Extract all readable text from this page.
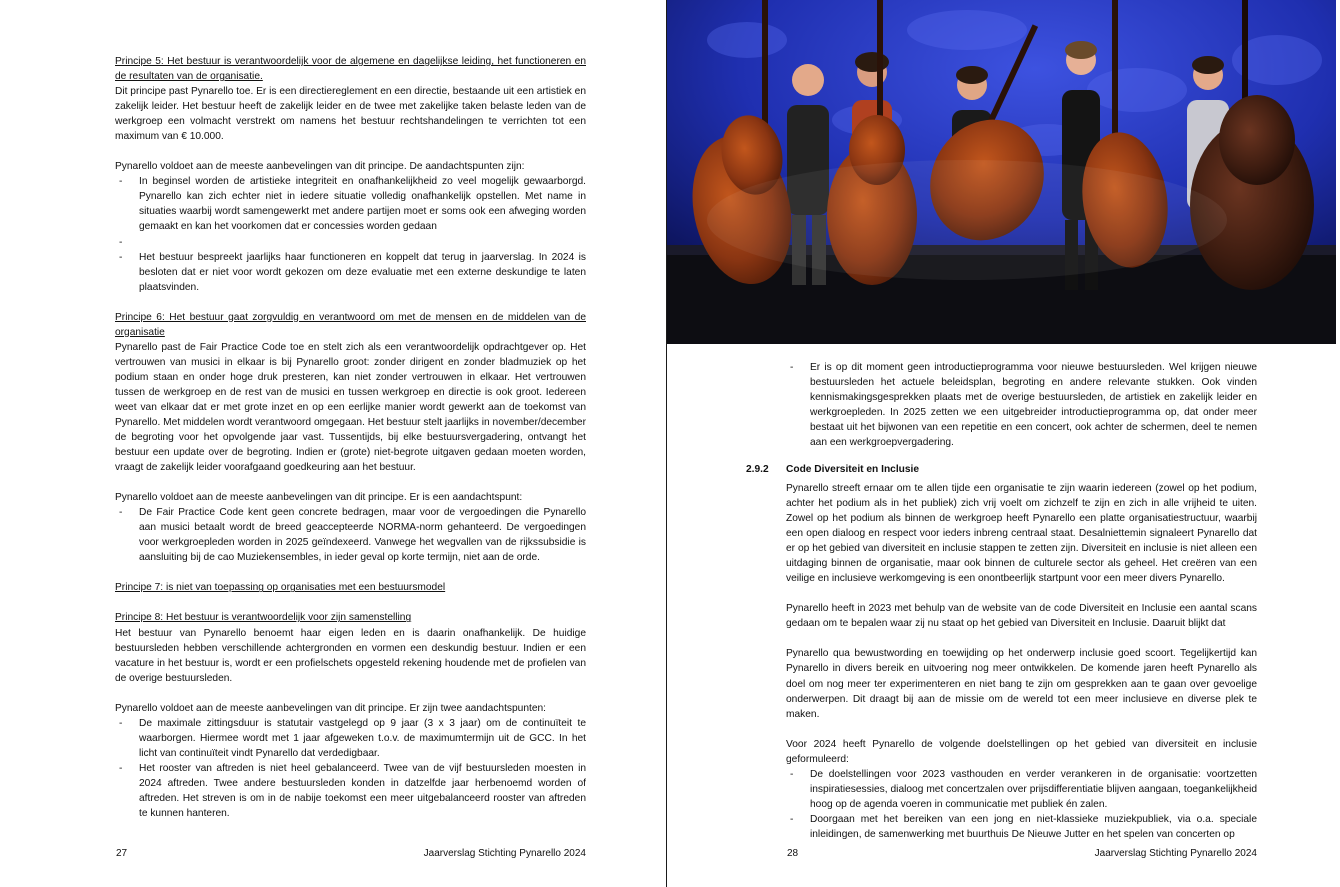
Principe 5: Het bestuur is verantwoordelijk voor de algemene en dagelijkse leiding, het functioneren en de resultaten van de organisatie.

Dit principe past Pynarello toe. Er is een directiereglement en een directie, bestaande uit een artistiek en zakelijk leider. Het bestuur heeft de zakelijk leider en de twee met zakelijke taken belaste leden van de werkgroep een volmacht verstrekt om namens het bestuur rechtshandelingen te verrichten tot een maximum van € 10.000.

Pynarello voldoet aan de meeste aanbevelingen van dit principe. De aandachtspunten zijn:

- In beginsel worden de artistieke integriteit en onafhankelijkheid zo veel mogelijk gewaarborgd. Pynarello kan zich echter niet in iedere situatie volledig onafhankelijk opstellen. Met name in situaties waarbij wordt samengewerkt met andere partijen moet er soms ook een afweging worden gemaakt en kan het voorkomen dat er concessies worden gedaan
-
- Het bestuur bespreekt jaarlijks haar functioneren en koppelt dat terug in jaarverslag. In 2024 is besloten dat er niet voor wordt gekozen om deze evaluatie met een externe deskundige te laten plaatsvinden.

Principe 6: Het bestuur gaat zorgvuldig en verantwoord om met de mensen en de middelen van de organisatie

Pynarello past de Fair Practice Code toe en stelt zich als een verantwoordelijk opdrachtgever op. Het vertrouwen van musici in elkaar is bij Pynarello groot: zonder dirigent en zonder bladmuziek op het podium staan en onder hoge druk presteren, kan niet zonder vertrouwen in elkaar. Het vertrouwen tussen de werkgroep en de rest van de musici en tussen werkgroep en directie is ook groot. Iedereen weet van elkaar dat er met grote inzet en op een eerlijke manier wordt gewerkt aan de toekomst van Pynarello. Met middelen wordt verantwoord omgegaan. Het bestuur stelt jaarlijks in november/december de begroting voor het opvolgende jaar vast. Tussentijds, bij elke bestuursvergadering, ontvangt het bestuur een update over de begroting. Indien er (grote) niet-begrote uitgaven gedaan moeten worden, vraagt de zakelijk leider voorafgaand goedkeuring aan het bestuur.

Pynarello voldoet aan de meeste aanbevelingen van dit principe. Er is een aandachtspunt:

- De Fair Practice Code kent geen concrete bedragen, maar voor de vergoedingen die Pynarello aan musici betaalt wordt de breed geaccepteerde NORMA-norm gehanteerd. De vergoedingen voor werkgroepleden worden in 2025 geïndexeerd. Vanwege het wegvallen van de rijkssubsidie is aansluiting bij de cao Muziekensembles, in ieder geval op korte termijn, niet aan de orde.

Principe 7: is niet van toepassing op organisaties met een bestuursmodel

Principe 8: Het bestuur is verantwoordelijk voor zijn samenstelling

Het bestuur van Pynarello benoemt haar eigen leden en is daarin onafhankelijk. De huidige bestuursleden hebben verschillende achtergronden en vormen een deskundig bestuur. Indien er een vacature in het bestuur is, wordt er een profielschets opgesteld rekening houdende met de profielen van de overige bestuursleden.

Pynarello voldoet aan de meeste aanbevelingen van dit principe. Er zijn twee aandachtspunten:

- De maximale zittingsduur is statutair vastgelegd op 9 jaar (3 x 3 jaar) om de continuïteit te waarborgen. Hiermee wordt met 1 jaar afgeweken t.o.v. de maximumtermijn uit de GCC. In het licht van continuïteit vindt Pynarello dat verdedigbaar.
- Het rooster van aftreden is niet heel gebalanceerd. Twee van de vijf bestuursleden moesten in 2024 aftreden. Twee andere bestuursleden konden in datzelfde jaar herbenoemd worden of aftreden. Het streven is om in de nabije toekomst een meer uitgebalanceerd rooster van aftreden te kunnen hanteren.
27	Jaarverslag Stichting Pynarello 2024
- Er is op dit moment geen introductieprogramma voor nieuwe bestuursleden. Wel krijgen nieuwe bestuursleden het actuele beleidsplan, begroting en andere relevante stukken. Ook vinden kennismakingsgesprekken plaats met de overige bestuursleden, de artistiek en zakelijk leider en werkgroepleden. In 2025 zetten we een uitgebreider introductieprogramma op, dat onder meer bestaat uit het bijwonen van een repetitie en een concert, ook achter de schermen, deel te nemen aan een werkgroepvergadering.
2.9.2	Code Diversiteit en Inclusie

Pynarello streeft ernaar om te allen tijde een organisatie te zijn waarin iedereen (zowel op het podium, achter het podium als in het publiek) zich vrij voelt om zichzelf te zijn en zich in alle vrijheid te uiten. Zowel op het podium als binnen de werkgroep heeft Pynarello een platte organisatiestructuur, waarbij een open dialoog en respect voor ieders inbreng centraal staat. Desalniettemin signaleert Pynarello dat er op het gebied van diversiteit en inclusie stappen te zetten zijn. Diversiteit en inclusie is niet alleen een uitdaging binnen de organisatie, maar ook binnen de culturele sector als geheel. Het creëren van een veilige en inclusieve werkomgeving is een onontbeerlijk startpunt voor een meer divers Pynarello.

Pynarello heeft in 2023 met behulp van de website van de code Diversiteit en Inclusie een aantal scans gedaan om te bepalen waar zij nu staat op het gebied van Diversiteit en Inclusie. Daaruit blijkt dat

Pynarello qua bewustwording en toewijding op het onderwerp inclusie goed scoort. Tegelijkertijd kan Pynarello in divers bereik en uitvoering nog meer ontwikkelen. De komende jaren heeft Pynarello als doel om nog meer ter experimenteren en niet bang te zijn om gesprekken aan te gaan over gevoelige onderwerpen. Dit draagt bij aan de missie om de wereld tot een meer inclusieve en diverse plek te maken.

Voor 2024 heeft Pynarello de volgende doelstellingen op het gebied van diversiteit en inclusie geformuleerd:

- De doelstellingen voor 2023 vasthouden en verder verankeren in de organisatie: voortzetten inspiratiesessies, dialoog met concertzalen over prijsdifferentiatie blijven aangaan, toegankelijkheid hoog op de agenda voeren in communicatie met publiek én zalen.
- Doorgaan met het bereiken van een jong en niet-klassieke muziekpubliek, via o.a. speciale inleidingen, de samenwerking met buurthuis De Nieuwe Jutter en het spelen van concerten op
28	Jaarverslag Stichting Pynarello 2024
